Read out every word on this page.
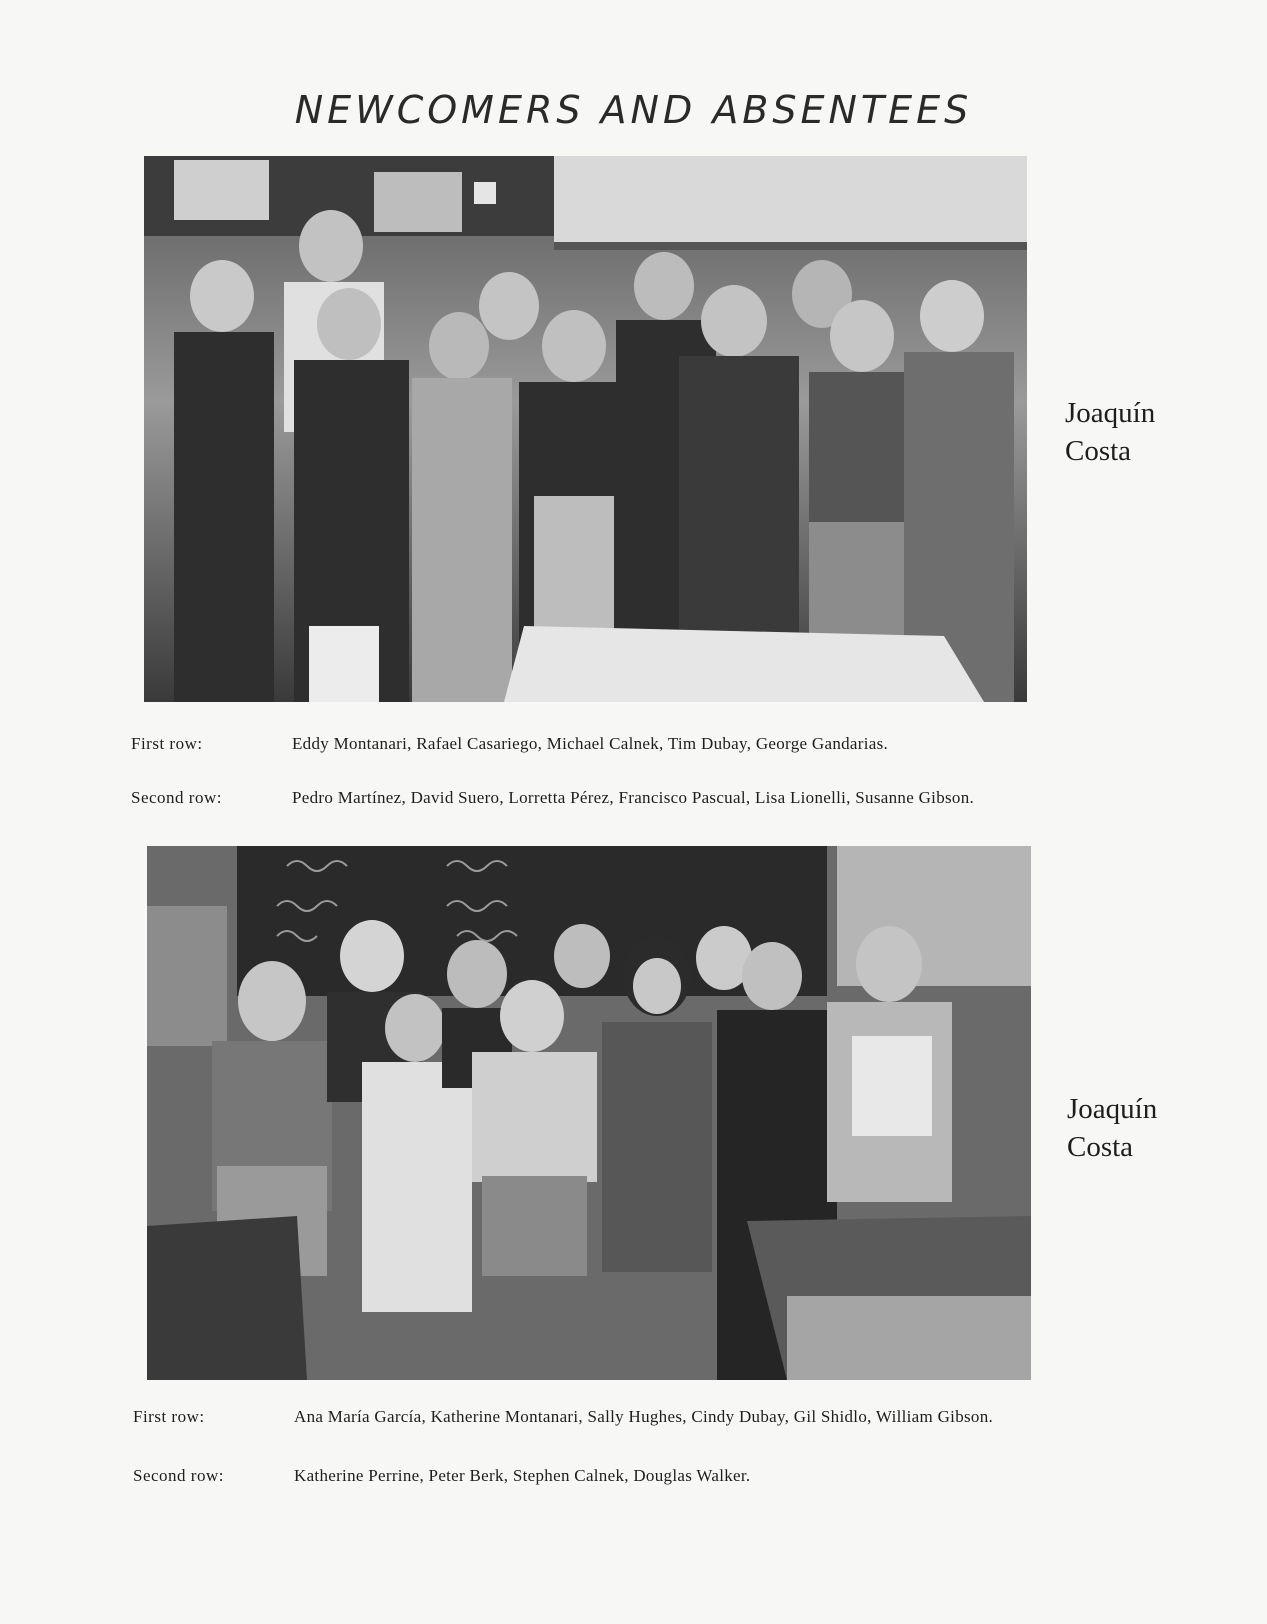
NEWCOMERS AND ABSENTEES
Joaquín
Costa
First row:	Eddy Montanari, Rafael Casariego, Michael Calnek, Tim Dubay, George Gandarias.
Second row:	Pedro Martínez, David Suero, Lorretta Pérez, Francisco Pascual, Lisa Lionelli, Susanne Gibson.
Joaquín
Costa
First row:	Ana María García, Katherine Montanari, Sally Hughes, Cindy Dubay, Gil Shidlo, William Gibson.
Second row:	Katherine Perrine, Peter Berk, Stephen Calnek, Douglas Walker.
